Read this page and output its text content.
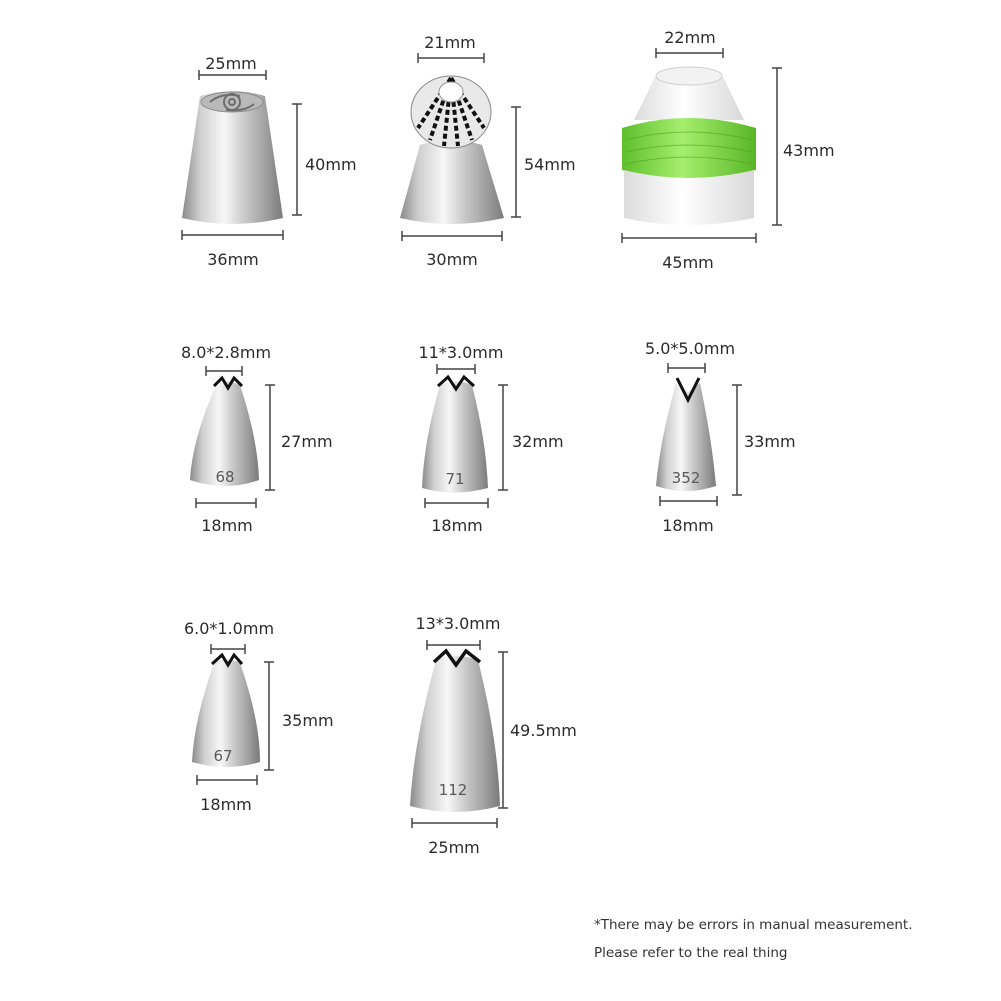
25mm
36mm
40mm
21mm
30mm
54mm
22mm
45mm
43mm
68
8.0*2.8mm
18mm
27mm
71
11*3.0mm
18mm
32mm
352
5.0*5.0mm
18mm
33mm
67
6.0*1.0mm
18mm
35mm
112
13*3.0mm
25mm
49.5mm
*There may be errors in manual measurement.
Please refer to the real thing
